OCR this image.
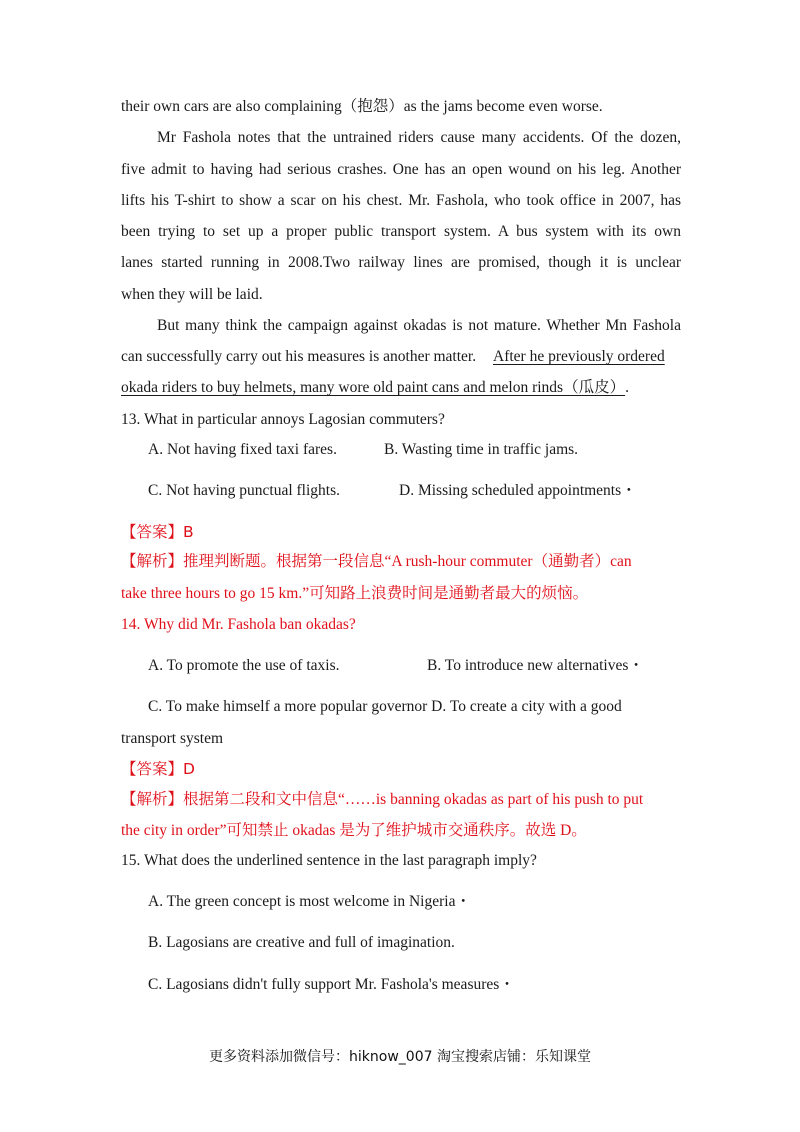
their own cars are also complaining（抱怨）as the jams become even worse.
Mr Fashola notes that the untrained riders cause many accidents. Of the dozen,
five admit to having had serious crashes. One has an open wound on his leg. Another
lifts his T-shirt to show a scar on his chest. Mr. Fashola, who took office in 2007, has
been trying to set up a proper public transport system. A bus system with its own
lanes started running in 2008.Two railway lines are promised, though it is unclear
when they will be laid.
But many think the campaign against okadas is not mature. Whether Mn Fashola
can successfully carry out his measures is another matter. After he previously ordered
okada riders to buy helmets, many wore old paint cans and melon rinds（瓜皮）.
13. What in particular annoys Lagosian commuters?
A. Not having fixed taxi fares.	B. Wasting time in traffic jams.
C. Not having punctual flights.	D. Missing scheduled appointments・
【答案】B
【解析】推理判断题。根据第一段信息“A rush-hour commuter（通勤者）can
take three hours to go 15 km.”可知路上浪费时间是通勤者最大的烦恼。
14. Why did Mr. Fashola ban okadas?
A. To promote the use of taxis.	B. To introduce new alternatives・
C. To make himself a more popular governor D. To create a city with a good
transport system
【答案】D
【解析】根据第二段和文中信息“……is banning okadas as part of his push to put
the city in order”可知禁止 okadas 是为了维护城市交通秩序。故选 D。
15. What does the underlined sentence in the last paragraph imply?
A. The green concept is most welcome in Nigeria・
B. Lagosians are creative and full of imagination.
C. Lagosians didn't fully support Mr. Fashola's measures・
更多资料添加微信号：hiknow_007 淘宝搜索店铺：乐知课堂
